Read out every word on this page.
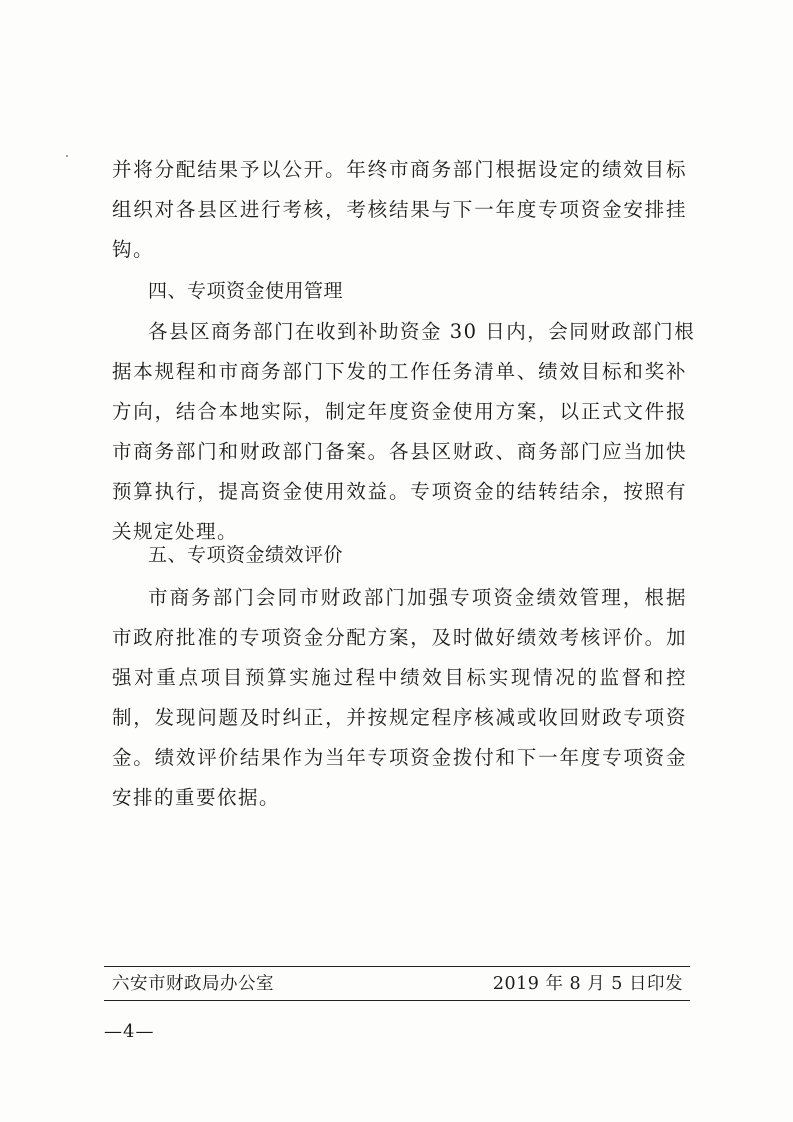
并将分配结果予以公开。年终市商务部门根据设定的绩效目标
组织对各县区进行考核，考核结果与下一年度专项资金安排挂
钩。
四、专项资金使用管理
各县区商务部门在收到补助资金 30 日内，会同财政部门根
据本规程和市商务部门下发的工作任务清单、绩效目标和奖补
方向，结合本地实际，制定年度资金使用方案，以正式文件报
市商务部门和财政部门备案。各县区财政、商务部门应当加快
预算执行，提高资金使用效益。专项资金的结转结余，按照有
关规定处理。
五、专项资金绩效评价
市商务部门会同市财政部门加强专项资金绩效管理，根据
市政府批准的专项资金分配方案，及时做好绩效考核评价。加
强对重点项目预算实施过程中绩效目标实现情况的监督和控
制，发现问题及时纠正，并按规定程序核减或收回财政专项资
金。绩效评价结果作为当年专项资金拨付和下一年度专项资金
安排的重要依据。
六安市财政局办公室	2019 年 8 月 5 日印发
—4—
